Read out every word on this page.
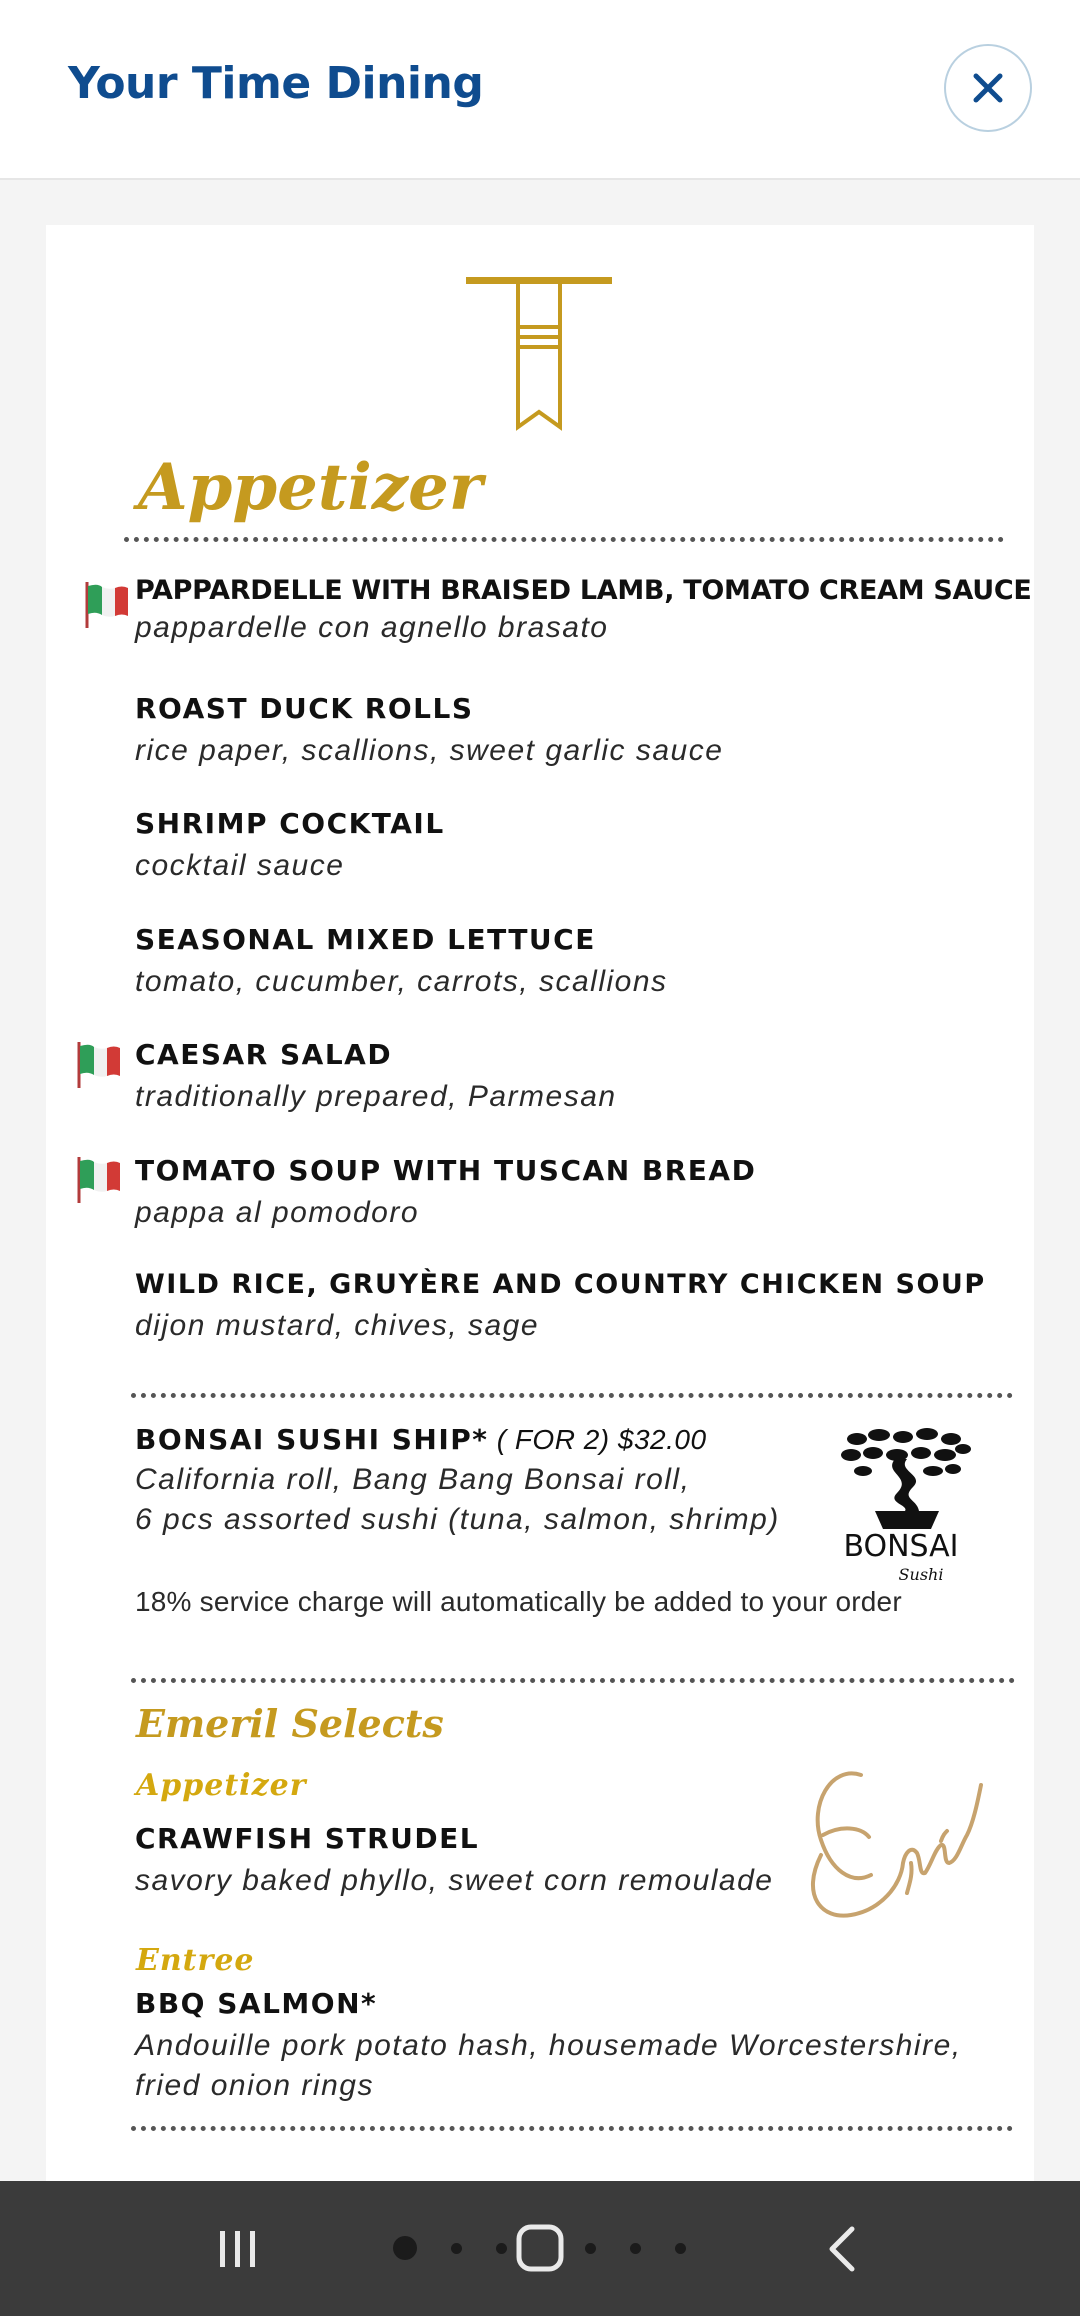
Your Time Dining
Appetizer
PAPPARDELLE WITH BRAISED LAMB, TOMATO CREAM SAUCE
pappardelle con agnello brasato
ROAST DUCK ROLLS
rice paper, scallions, sweet garlic sauce
SHRIMP COCKTAIL
cocktail sauce
SEASONAL MIXED LETTUCE
tomato, cucumber, carrots, scallions
CAESAR SALAD
traditionally prepared, Parmesan
TOMATO SOUP WITH TUSCAN BREAD
pappa al pomodoro
WILD RICE, GRUYÈRE AND COUNTRY CHICKEN SOUP
dijon mustard, chives, sage
BONSAI SUSHI SHIP* ( FOR 2) $32.00
California roll, Bang Bang Bonsai roll,
6 pcs assorted sushi (tuna, salmon, shrimp)
18% service charge will automatically be added to your order
BONSAI
Sushi
Emeril Selects
Appetizer
CRAWFISH STRUDEL
savory baked phyllo, sweet corn remoulade
Entree
BBQ SALMON*
Andouille pork potato hash, housemade Worcestershire,
fried onion rings
